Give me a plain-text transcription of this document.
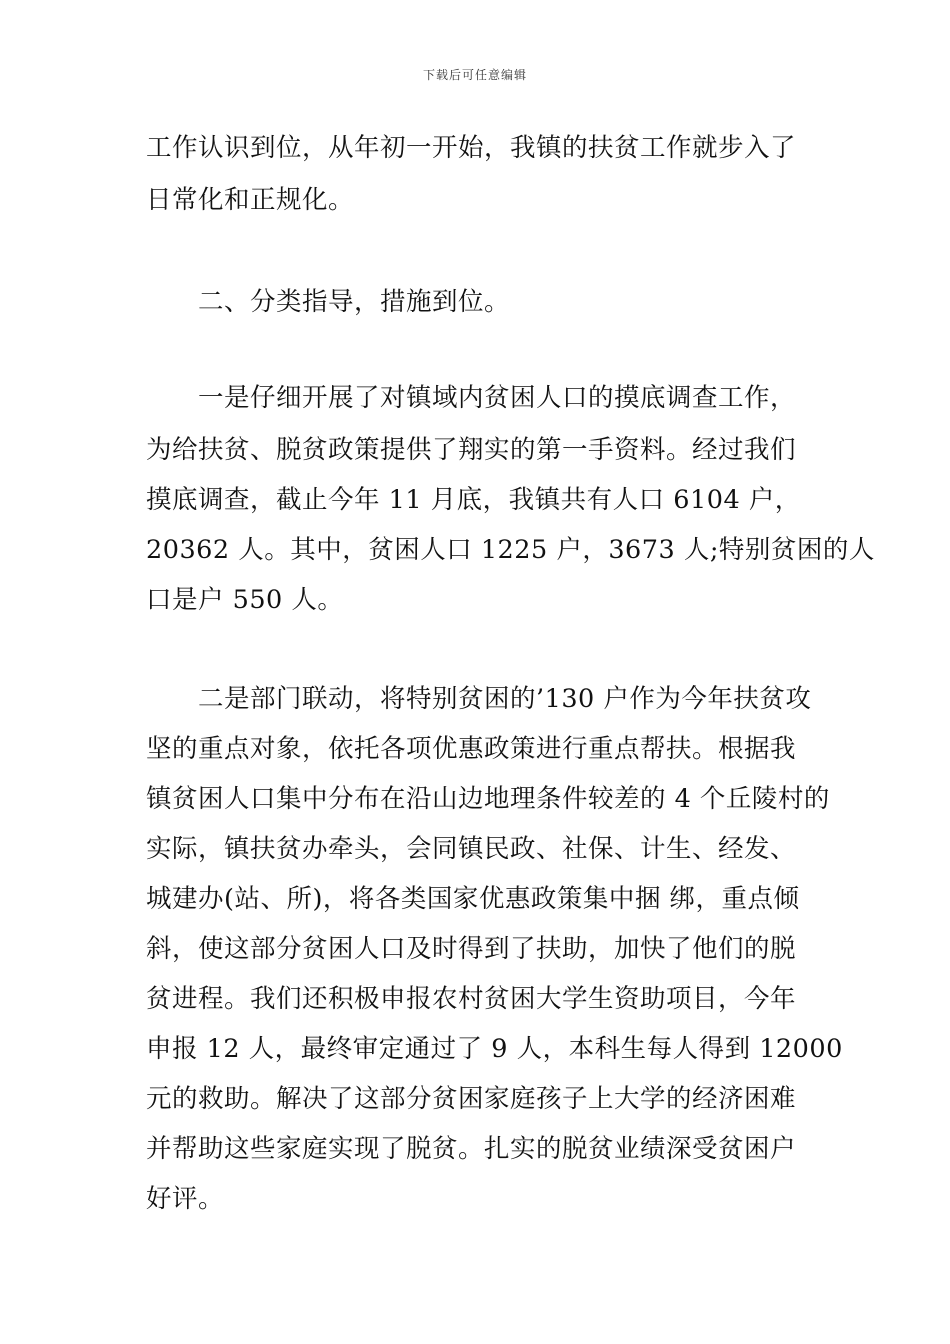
下载后可任意编辑

工作认识到位，从年初一开始，我镇的扶贫工作就步入了

日常化和正规化。

二、分类指导，措施到位。

一是仔细开展了对镇域内贫困人口的摸底调查工作，

为给扶贫、脱贫政策提供了翔实的第一手资料。经过我们

摸底调查，截止今年 11 月底，我镇共有人口 6104 户，

20362 人。其中，贫困人口 1225 户，3673 人;特别贫困的人

口是户 550 人。

二是部门联动，将特别贫困的’130 户作为今年扶贫攻

坚的重点对象，依托各项优惠政策进行重点帮扶。根据我

镇贫困人口集中分布在沿山边地理条件较差的 4 个丘陵村的

实际，镇扶贫办牵头，会同镇民政、社保、计生、经发、

城建办(站、所)，将各类国家优惠政策集中捆 绑，重点倾

斜，使这部分贫困人口及时得到了扶助，加快了他们的脱

贫进程。我们还积极申报农村贫困大学生资助项目，今年

申报 12 人，最终审定通过了 9 人，本科生每人得到 12000

元的救助。解决了这部分贫困家庭孩子上大学的经济困难

并帮助这些家庭实现了脱贫。扎实的脱贫业绩深受贫困户

好评。
